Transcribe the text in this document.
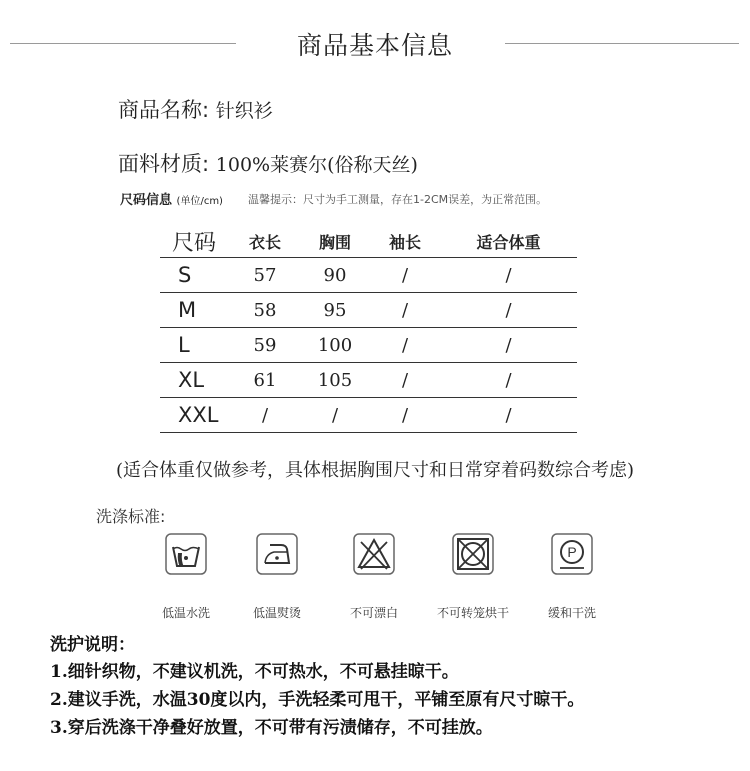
商品基本信息
商品名称: 针织衫
面料材质: 100%莱赛尔(俗称天丝)
尺码信息 (单位/cm) 温馨提示：尺寸为手工测量，存在1-2CM误差，为正常范围。
尺码	衣长	胸围	袖长	适合体重
S	57	90	/	/
M	58	95	/	/
L	59	100	/	/
XL	61	105	/	/
XXL	/	/	/	/
(适合体重仅做参考，具体根据胸围尺寸和日常穿着码数综合考虑)
洗涤标准:
P
低温水洗	低温熨烫	不可漂白	不可转笼烘干	缓和干洗
洗护说明：
1.细针织物，不建议机洗，不可热水，不可悬挂晾干。
2.建议手洗，水温30度以内，手洗轻柔可甩干，平铺至原有尺寸晾干。
3.穿后洗涤干净叠好放置，不可带有污渍储存，不可挂放。
